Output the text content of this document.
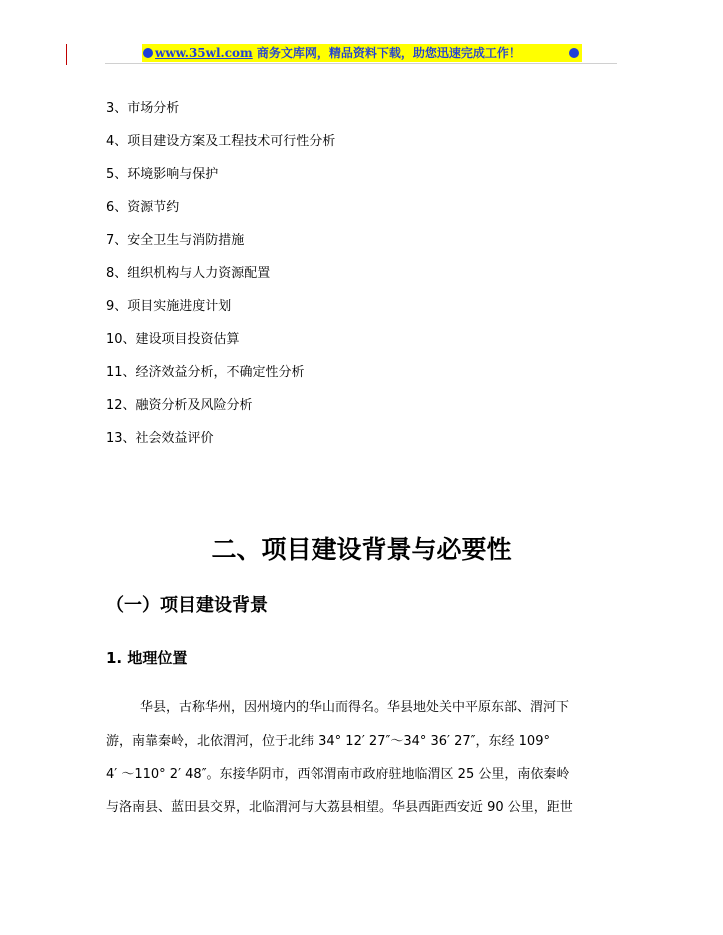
www.35wl.com 商务文库网，精品资料下载，助您迅速完成工作！
3、市场分析
4、项目建设方案及工程技术可行性分析
5、环境影响与保护
6、资源节约
7、安全卫生与消防措施
8、组织机构与人力资源配置
9、项目实施进度计划
10、建设项目投资估算
11、经济效益分析，不确定性分析
12、融资分析及风险分析
13、社会效益评价
二、项目建设背景与必要性
（一）项目建设背景
1. 地理位置

华县，古称华州，因州境内的华山而得名。华县地处关中平原东部、渭河下

游，南靠秦岭，北依渭河，位于北纬 34° 12′ 27″～34° 36′ 27″，东经 109°

4′ ～110° 2′ 48″。东接华阴市，西邻渭南市政府驻地临渭区 25 公里，南依秦岭

与洛南县、蓝田县交界，北临渭河与大荔县相望。华县西距西安近 90 公里，距世
